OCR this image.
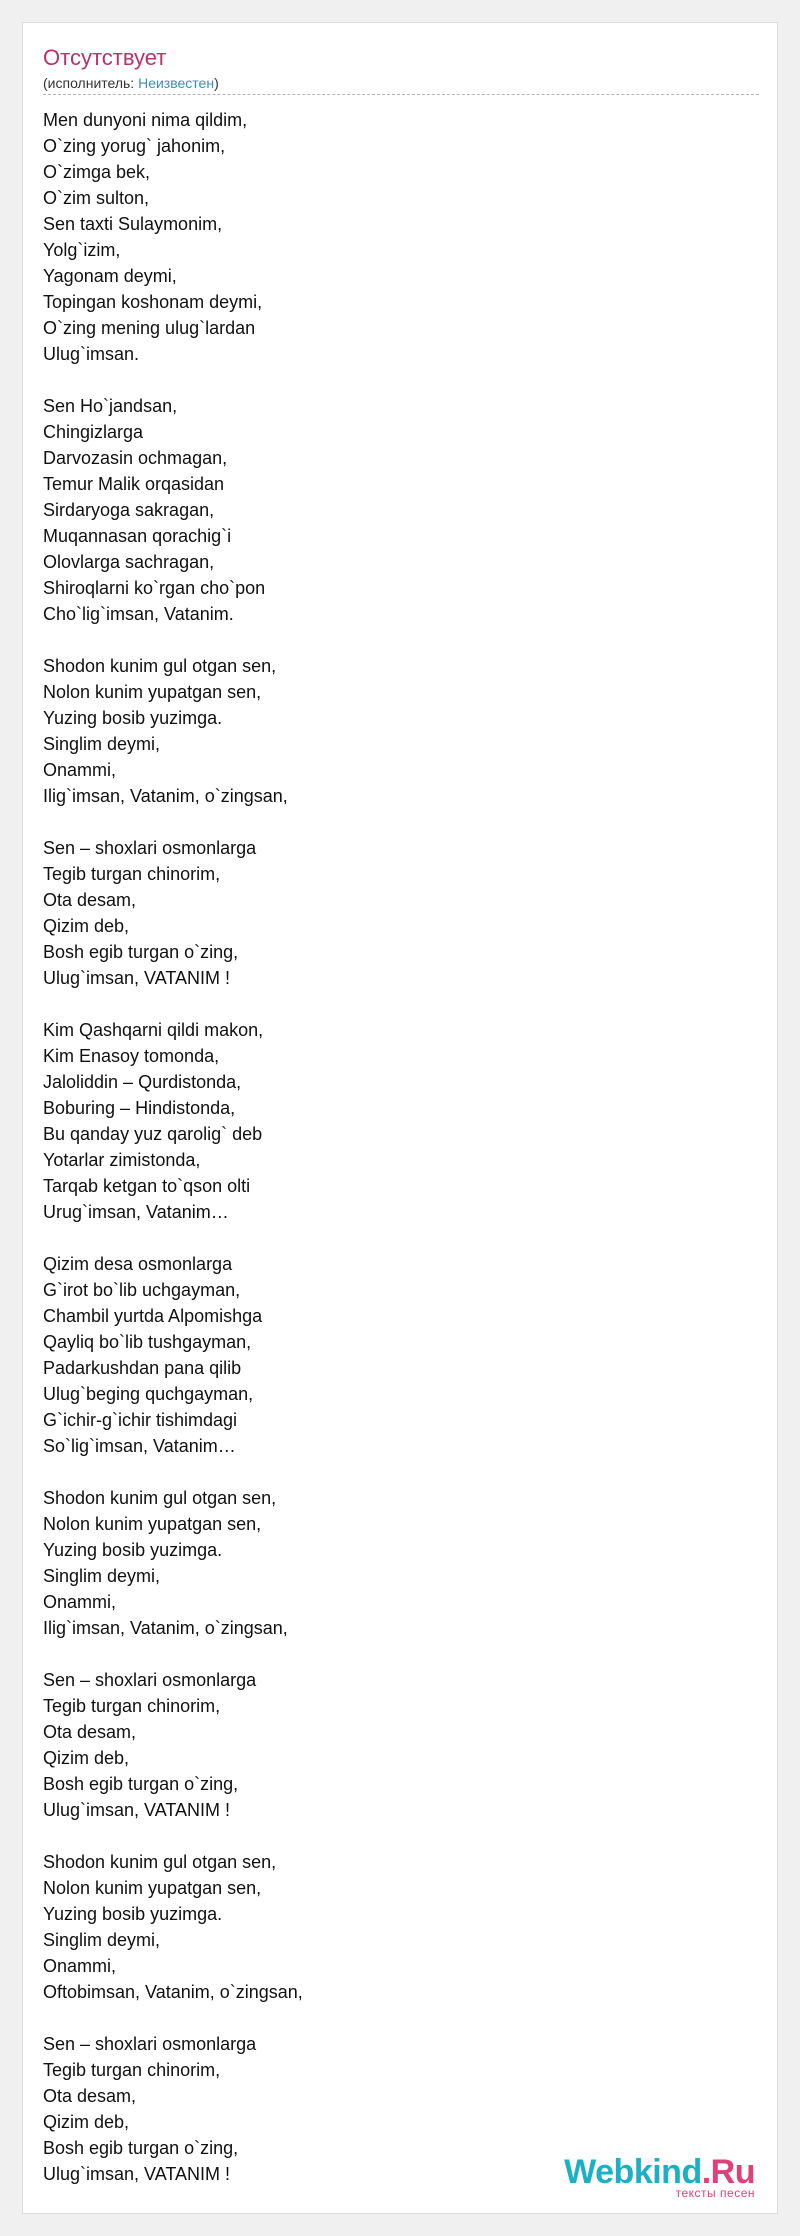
Отсутствует
(исполнитель: Неизвестен)
Men dunyoni nima qildim,
O`zing yorug` jahonim,
O`zimga bek,
O`zim sulton,
Sen taxti Sulaymonim,
Yolg`izim,
Yagonam deymi,
Topingan koshonam deymi,
O`zing mening ulug`lardan
Ulug`imsan.
Sen Ho`jandsan,
Chingizlarga
Darvozasin ochmagan,
Temur Malik orqasidan
Sirdaryoga sakragan,
Muqannasan qorachig`i
Olovlarga sachragan,
Shiroqlarni ko`rgan cho`pon
Cho`lig`imsan, Vatanim.
Shodon kunim gul otgan sen,
Nolon kunim yupatgan sen,
Yuzing bosib yuzimga.
Singlim deymi,
Onammi,
Ilig`imsan, Vatanim, o`zingsan,
Sen – shoxlari osmonlarga
Tegib turgan chinorim,
Ota desam,
Qizim deb,
Bosh egib turgan o`zing,
Ulug`imsan, VATANIM !
Kim Qashqarni qildi makon,
Kim Enasoy tomonda,
Jaloliddin – Qurdistonda,
Boburing – Hindistonda,
Bu qanday yuz qarolig` deb
Yotarlar zimistonda,
Tarqab ketgan to`qson olti
Urug`imsan, Vatanim…
Qizim desa osmonlarga
G`irot bo`lib uchgayman,
Chambil yurtda Alpomishga
Qayliq bo`lib tushgayman,
Padarkushdan pana qilib
Ulug`beging quchgayman,
G`ichir-g`ichir tishimdagi
So`lig`imsan, Vatanim…
Shodon kunim gul otgan sen,
Nolon kunim yupatgan sen,
Yuzing bosib yuzimga.
Singlim deymi,
Onammi,
Ilig`imsan, Vatanim, o`zingsan,
Sen – shoxlari osmonlarga
Tegib turgan chinorim,
Ota desam,
Qizim deb,
Bosh egib turgan o`zing,
Ulug`imsan, VATANIM !
Shodon kunim gul otgan sen,
Nolon kunim yupatgan sen,
Yuzing bosib yuzimga.
Singlim deymi,
Onammi,
Oftobimsan, Vatanim, o`zingsan,
Sen – shoxlari osmonlarga
Tegib turgan chinorim,
Ota desam,
Qizim deb,
Bosh egib turgan o`zing,
Ulug`imsan, VATANIM !	Webkind.Ru
тексты песен
